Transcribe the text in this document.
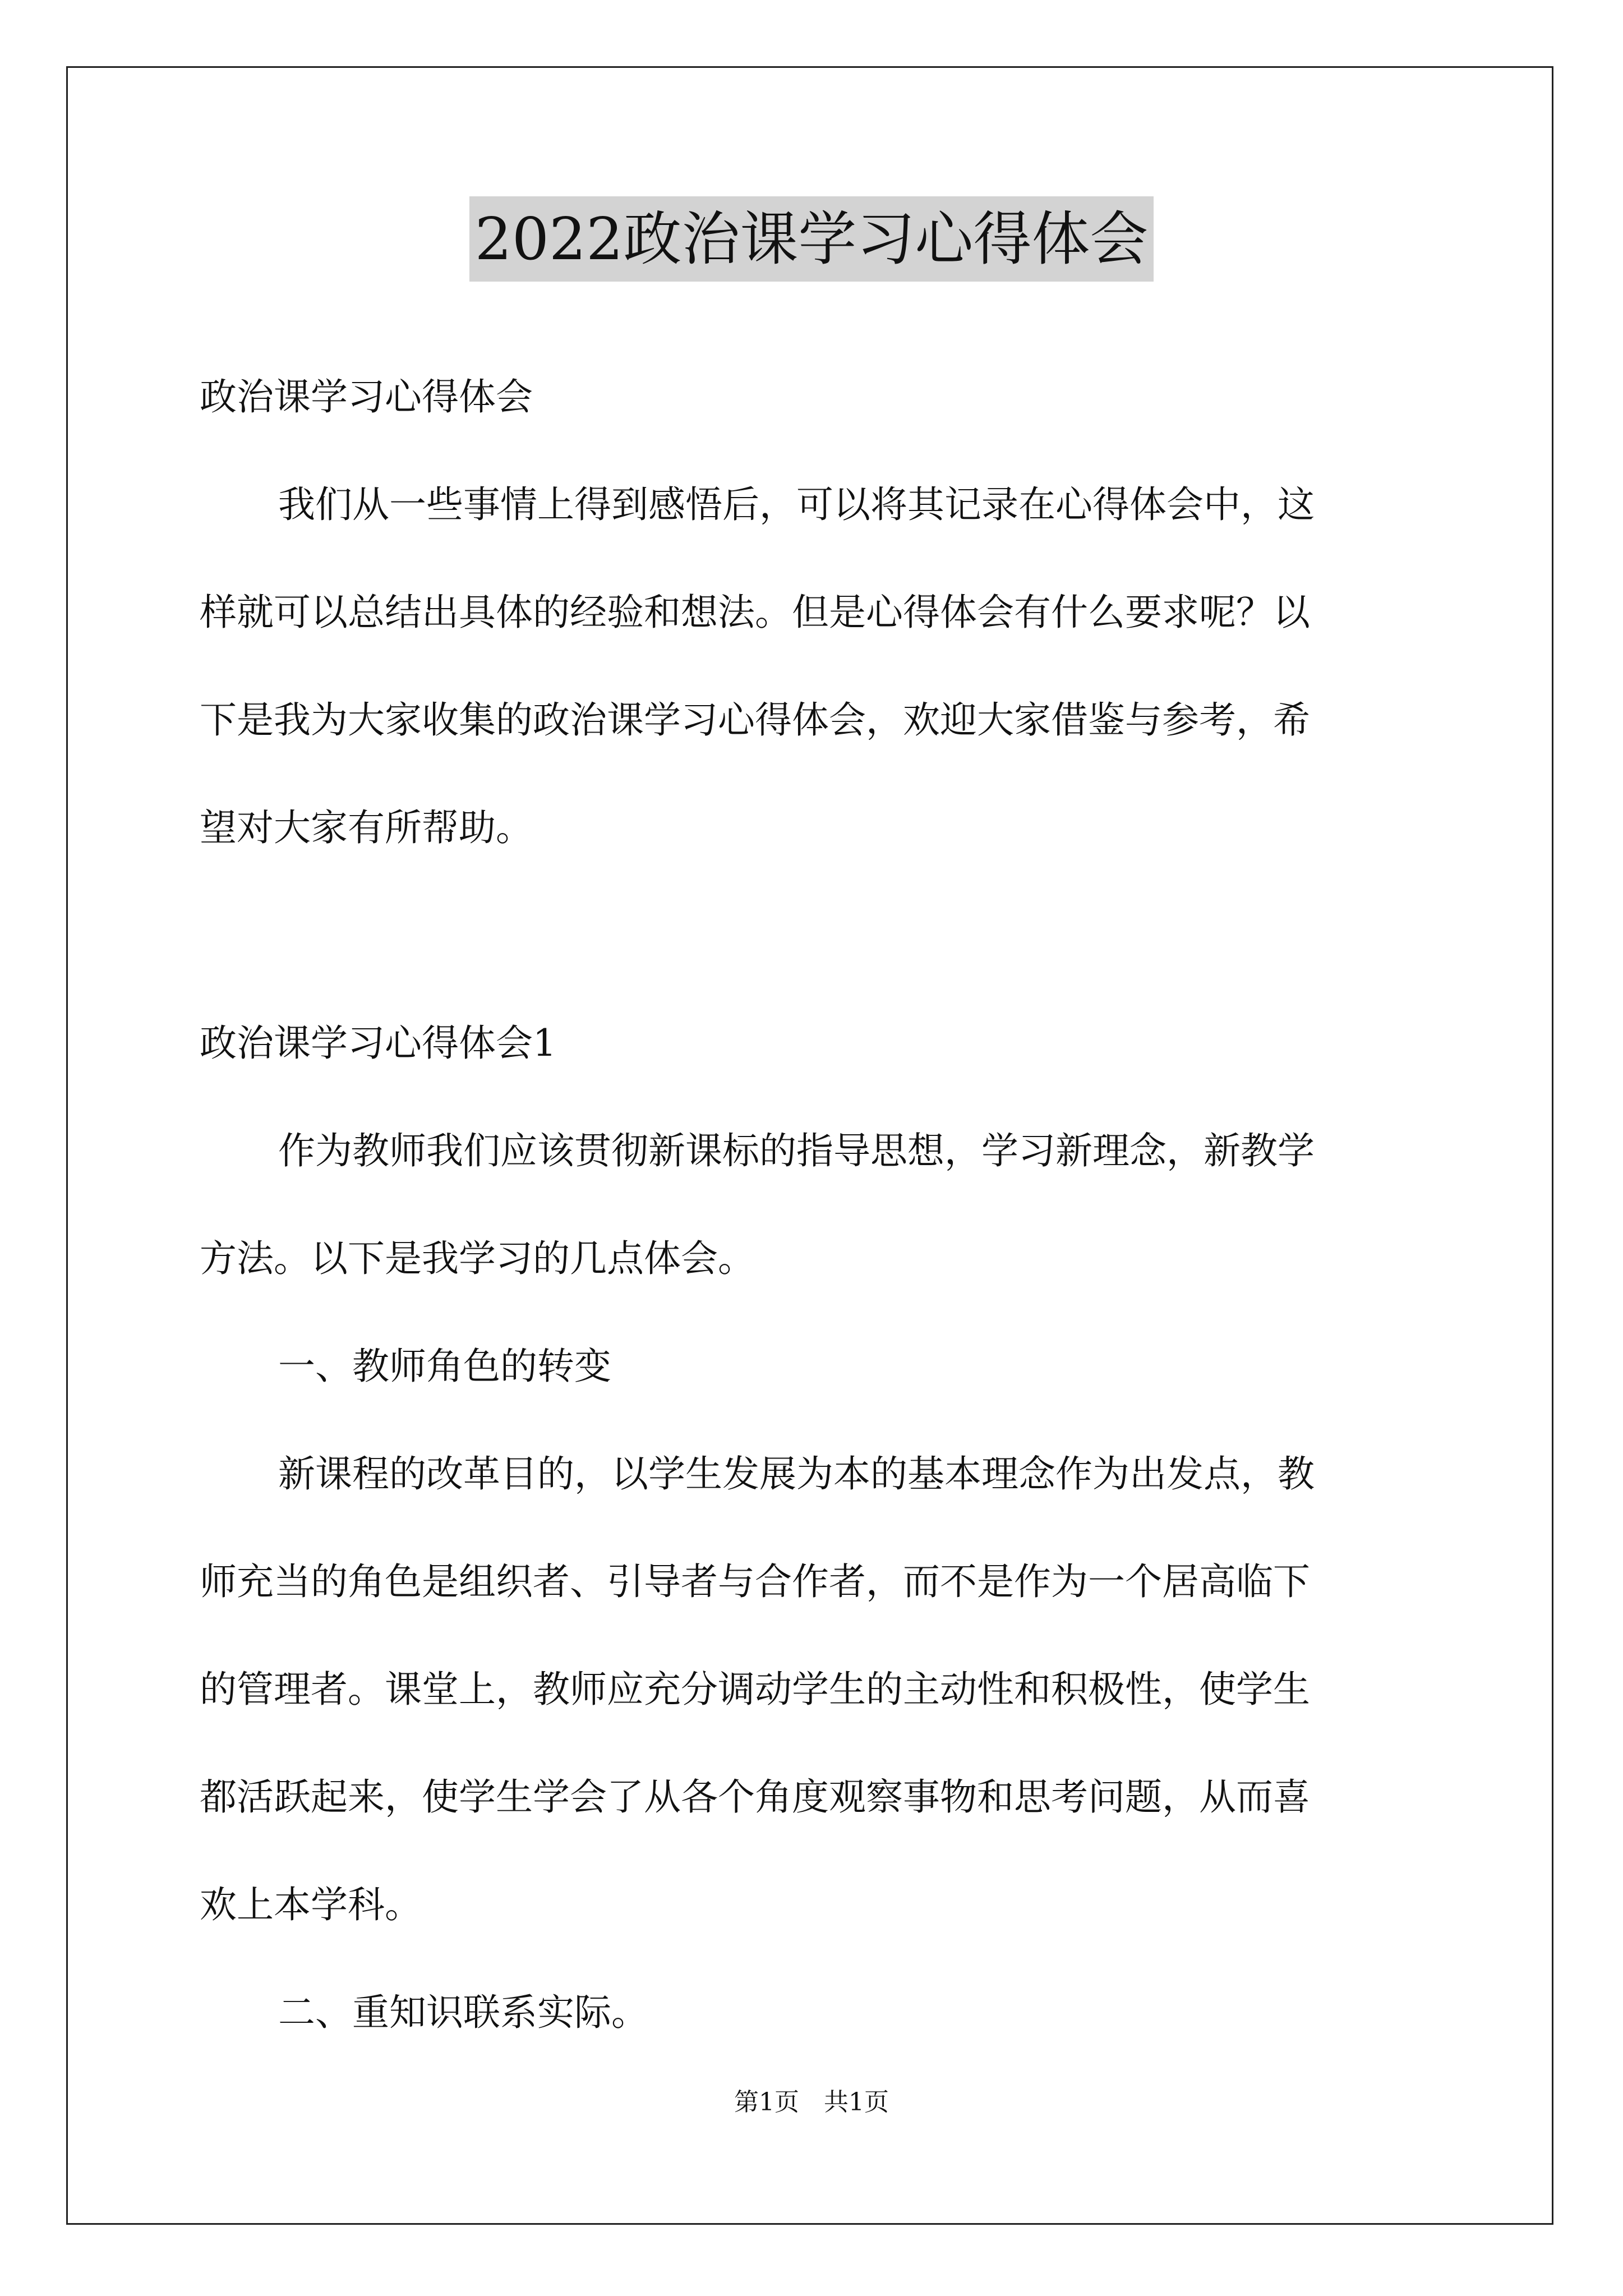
2022政治课学习心得体会
政治课学习心得体会
我们从一些事情上得到感悟后，可以将其记录在心得体会中，这
样就可以总结出具体的经验和想法。但是心得体会有什么要求呢？以
下是我为大家收集的政治课学习心得体会，欢迎大家借鉴与参考，希
望对大家有所帮助。
政治课学习心得体会1
作为教师我们应该贯彻新课标的指导思想，学习新理念，新教学
方法。以下是我学习的几点体会。
一、教师角色的转变
新课程的改革目的，以学生发展为本的基本理念作为出发点，教
师充当的角色是组织者、引导者与合作者，而不是作为一个居高临下
的管理者。课堂上，教师应充分调动学生的主动性和积极性，使学生
都活跃起来，使学生学会了从各个角度观察事物和思考问题，从而喜
欢上本学科。
二、重知识联系实际。
第1页　共1页
